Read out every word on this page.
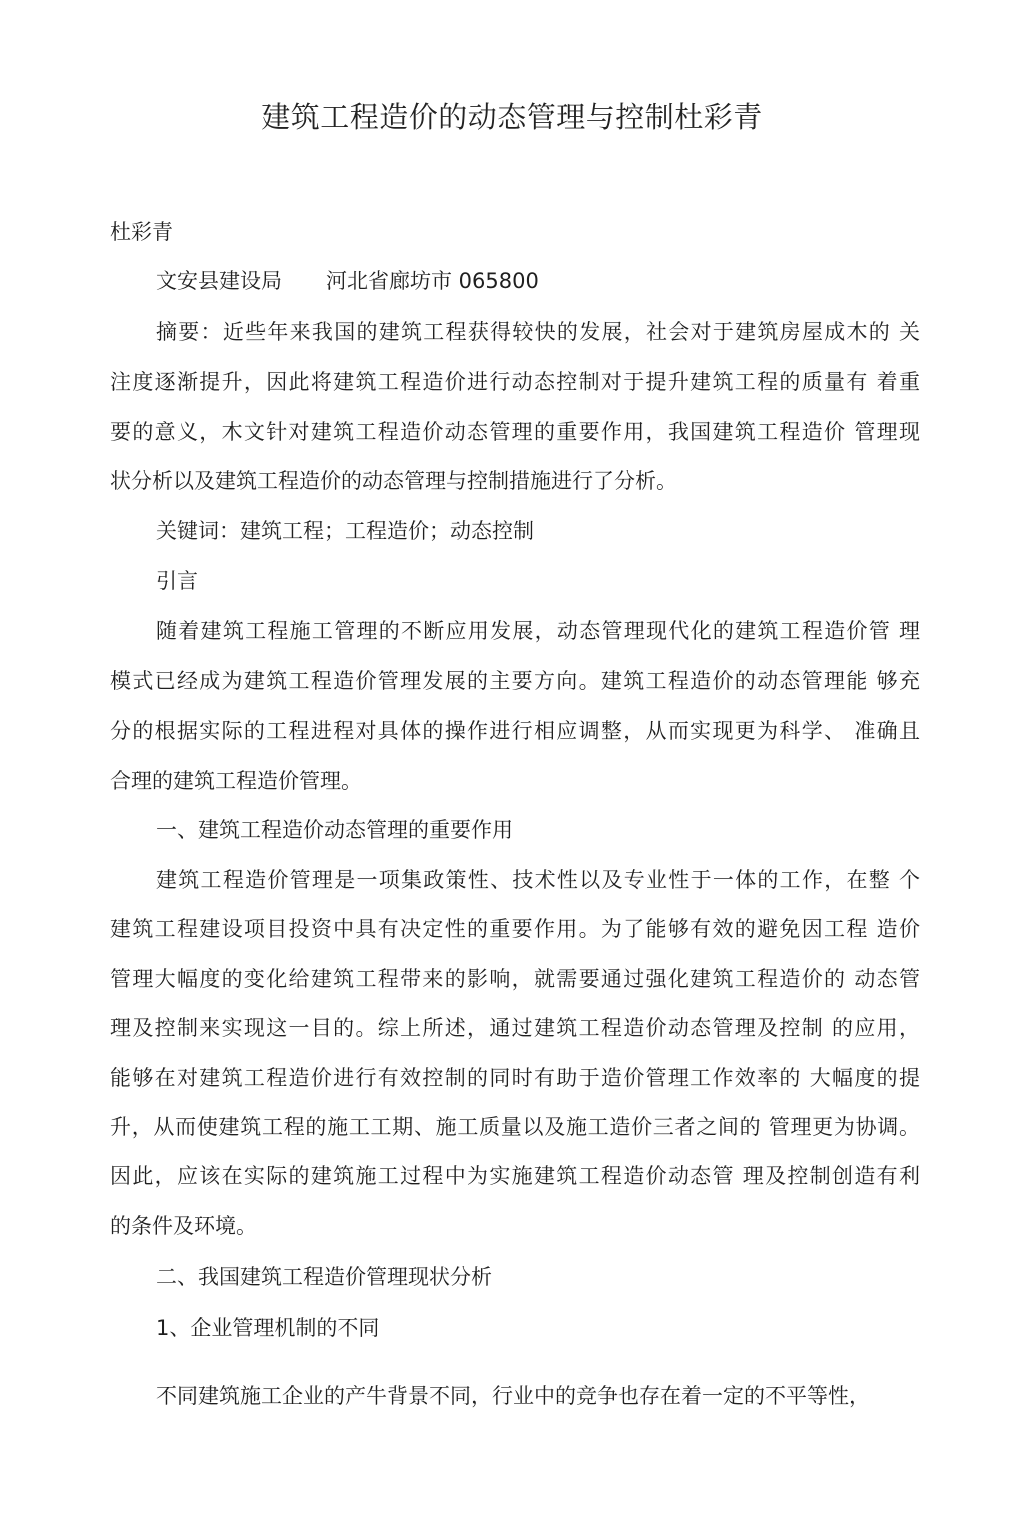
建筑工程造价的动态管理与控制杜彩青
杜彩青
文安县建设局 河北省廊坊市 065800
摘要：近些年来我国的建筑工程获得较快的发展，社会对于建筑房屋成木的 关
注度逐渐提升，因此将建筑工程造价进行动态控制对于提升建筑工程的质量有 着重
要的意义，木文针对建筑工程造价动态管理的重要作用，我国建筑工程造价 管理现
状分析以及建筑工程造价的动态管理与控制措施进行了分析。
关键词：建筑工程；工程造价；动态控制
引言
随着建筑工程施工管理的不断应用发展，动态管理现代化的建筑工程造价管 理
模式已经成为建筑工程造价管理发展的主要方向。建筑工程造价的动态管理能 够充
分的根据实际的工程进程对具体的操作进行相应调整，从而实现更为科学、 准确且
合理的建筑工程造价管理。
一、建筑工程造价动态管理的重要作用
建筑工程造价管理是一项集政策性、技术性以及专业性于一体的工作，在整 个
建筑工程建设项目投资中具有决定性的重要作用。为了能够有效的避免因工程 造价
管理大幅度的变化给建筑工程带来的影响，就需要通过强化建筑工程造价的 动态管
理及控制来实现这一目的。综上所述，通过建筑工程造价动态管理及控制 的应用，
能够在对建筑工程造价进行有效控制的同时有助于造价管理工作效率的 大幅度的提
升，从而使建筑工程的施工工期、施工质量以及施工造价三者之间的 管理更为协调。
因此，应该在实际的建筑施工过程中为实施建筑工程造价动态管 理及控制创造有利
的条件及环境。
二、我国建筑工程造价管理现状分析
1、企业管理机制的不同
不同建筑施工企业的产牛背景不同，行业中的竞争也存在着一定的不平等性，
